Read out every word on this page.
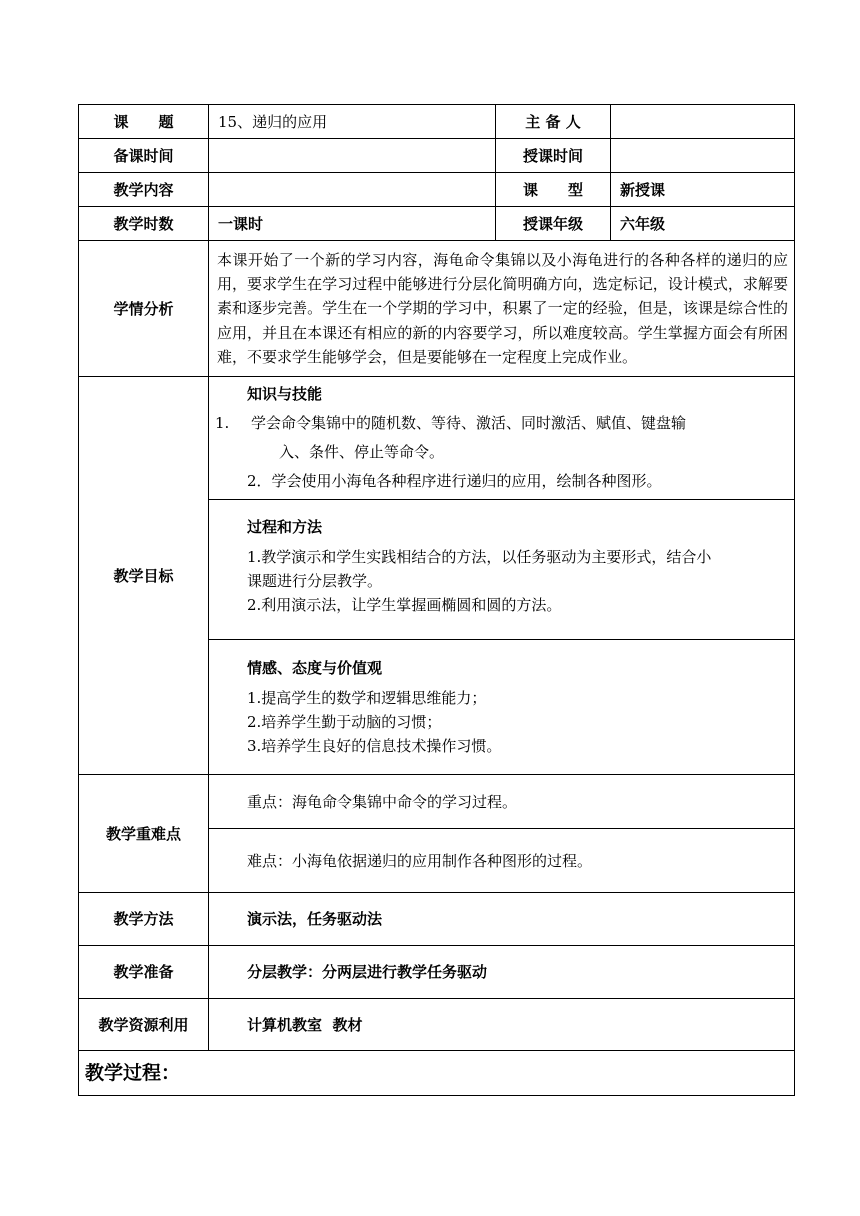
课　　题	15、递归的应用	主 备 人	
备课时间		授课时间	
教学内容		课　　型	新授课
教学时数	一课时	授课年级	六年级
学情分析	本课开始了一个新的学习内容，海龟命令集锦以及小海龟进行的各种各样的递归的应用，要求学生在学习过程中能够进行分层化简明确方向，选定标记，设计模式，求解要素和逐步完善。学生在一个学期的学习中，积累了一定的经验，但是，该课是综合性的应用，并且在本课还有相应的新的内容要学习，所以难度较高。学生掌握方面会有所困难，不要求学生能够学会，但是要能够在一定程度上完成作业。		
教学目标	知识与技能
1. 学会命令集锦中的随机数、等待、激活、同时激活、赋值、键盘输
入、条件、停止等命令。
2．学会使用小海龟各种程序进行递归的应用，绘制各种图形。		

	过程和方法
1.教学演示和学生实践相结合的方法，以任务驱动为主要形式，结合小
课题进行分层教学。
2.利用演示法，让学生掌握画椭圆和圆的方法。		

	情感、态度与价值观
1.提高学生的数学和逻辑思维能力；
2.培养学生勤于动脑的习惯；
3.培养学生良好的信息技术操作习惯。		

教学重难点	重点：海龟命令集锦中命令的学习过程。		
	难点：小海龟依据递归的应用制作各种图形的过程。		
教学方法	演示法，任务驱动法		
教学准备	分层教学：分两层进行教学任务驱动		
教学资源利用	计算机教室  教材		
教学过程：			
